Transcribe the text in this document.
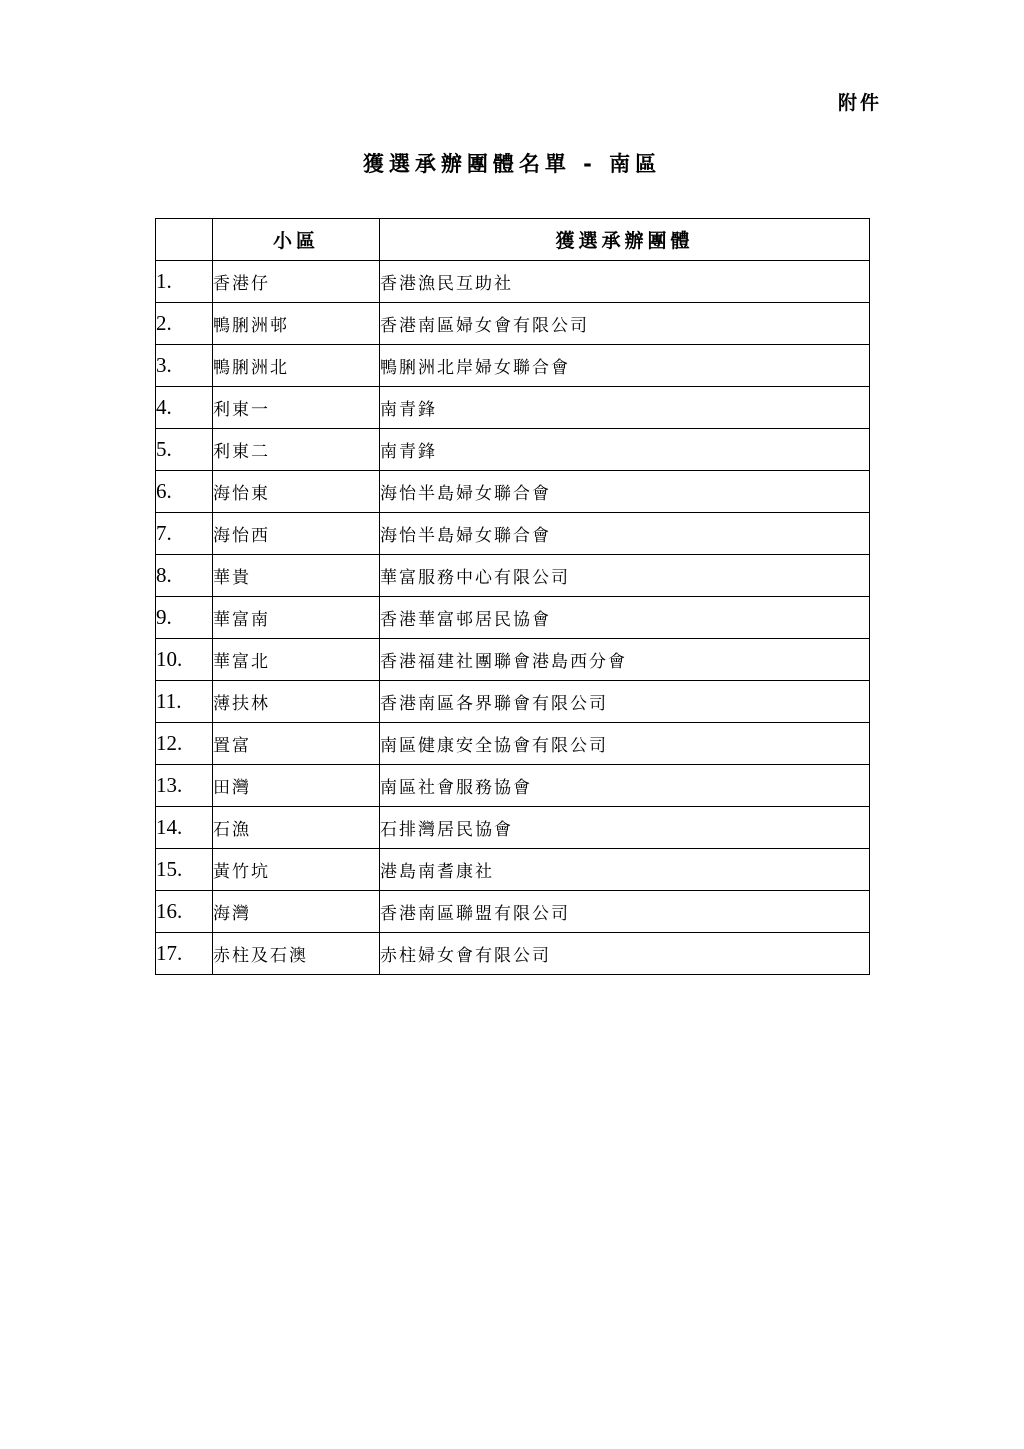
附件
獲選承辦團體名單 - 南區
	小區	獲選承辦團體
1.	香港仔	香港漁民互助社
2.	鴨脷洲邨	香港南區婦女會有限公司
3.	鴨脷洲北	鴨脷洲北岸婦女聯合會
4.	利東一	南青鋒
5.	利東二	南青鋒
6.	海怡東	海怡半島婦女聯合會
7.	海怡西	海怡半島婦女聯合會
8.	華貴	華富服務中心有限公司
9.	華富南	香港華富邨居民協會
10.	華富北	香港福建社團聯會港島西分會
11.	薄扶林	香港南區各界聯會有限公司
12.	置富	南區健康安全協會有限公司
13.	田灣	南區社會服務協會
14.	石漁	石排灣居民協會
15.	黃竹坑	港島南耆康社
16.	海灣	香港南區聯盟有限公司
17.	赤柱及石澳	赤柱婦女會有限公司
